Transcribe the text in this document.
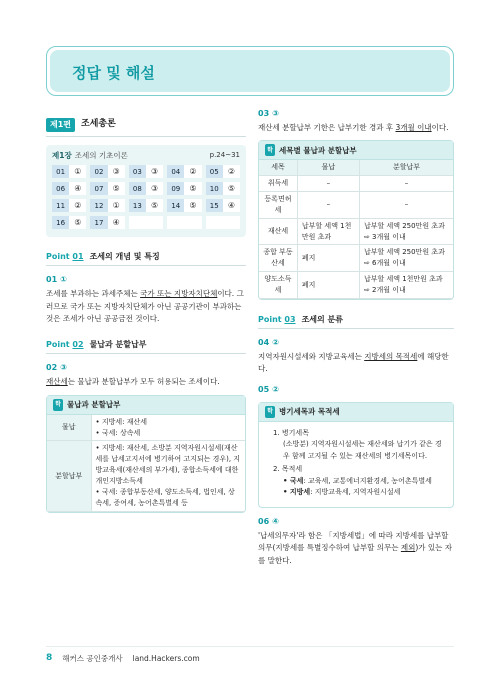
정답 및 해설
제1편	조세총론
제1장 조세의 기초이론	p.24~31
01	①	02	③	03	③	04	②	05	②
06	④	07	⑤	08	③	09	⑤	10	⑤
11	②	12	①	13	⑤	14	⑤	15	④
16	⑤	17	④
Point 01 조세의 개념 및 특징
01 ①
조세를 부과하는 과세주체는 국가 또는 지방자치단체이다. 그러므로 국가 또는 지방자치단체가 아닌 공공기관이 부과하는 것은 조세가 아닌 공공금전 것이다.
Point 02 물납과 분할납부
02 ③
재산세는 물납과 분할납부가 모두 허용되는 조세이다.
학 물납과 분할납부
물납	• 지방세: 재산세
• 국세: 상속세

분할납부	• 지방세: 재산세, 소방분 지역자원시설세(재산세를 납세고지서에 병기하여 고지되는 경우), 지방교육세(재산세의 부가세), 종합소득세에 대한 개인지방소득세
• 국세: 종합부동산세, 양도소득세, 법인세, 상속세, 증여세, 농어촌특별세 등
03 ③
재산세 분할납부 기한은 납부기한 경과 후 3개월 이내이다.
학 세목별 물납과 분할납부
세목	물납	분할납부
취득세	–	–
등록면허세	–	–
재산세	납부할 세액 1천만원 초과	납부할 세액 250만원 초과 ⇨ 3개월 이내
종합 부동산세	폐지	납부할 세액 250만원 초과 ⇨ 6개월 이내
양도소득세	폐지	납부할 세액 1천만원 초과 ⇨ 2개월 이내
Point 03 조세의 분류
04 ②
지역자원시설세와 지방교육세는 지방세의 목적세에 해당한다.
05 ②
학 병기세목과 목적세
1. 병기세목
(소방분) 지역자원시설세는 재산세와 납기가 같은 경우 함께 고지될 수 있는 재산세의 병기세목이다.
2. 목적세
• 국세: 교육세, 교통에너지환경세, 농어촌특별세
• 지방세: 지방교육세, 지역자원시설세
06 ④
'납세의무자'라 함은 「지방세법」에 따라 지방세를 납부할 의무(지방세를 특별징수하여 납부할 의무는 제외)가 있는 자를 말한다.
8 해커스 공인중개사 land.Hackers.com
